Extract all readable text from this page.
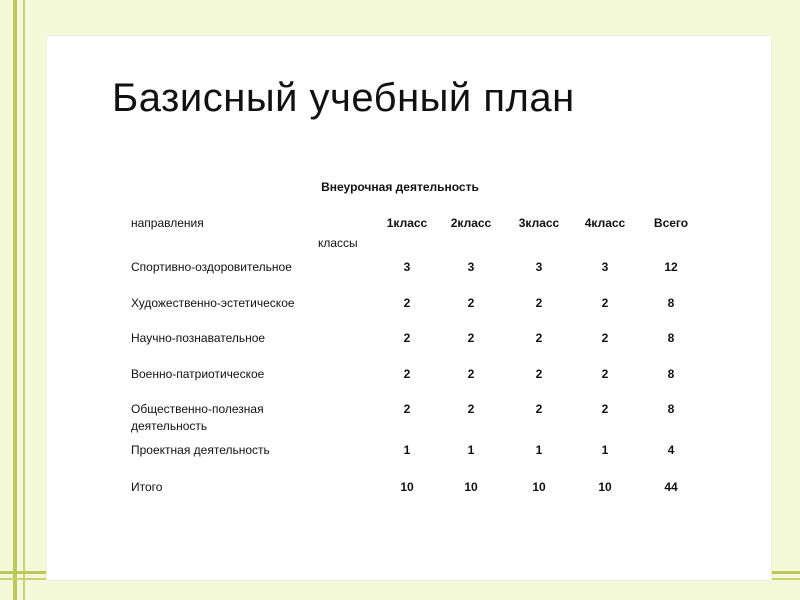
Базисный учебный план
Внеурочная деятельность
направления
классы
1класс	2класс	3класс	4класс	Всего
Спортивно-оздоровительное	3	3	3	3	12
Художественно-эстетическое	2	2	2	2	8
Научно-познавательное	2	2	2	2	8
Военно-патриотическое	2	2	2	2	8
Общественно-полезная
деятельность
2	2	2	2	8
Проектная деятельность	1	1	1	1	4
Итого	10	10	10	10	44
